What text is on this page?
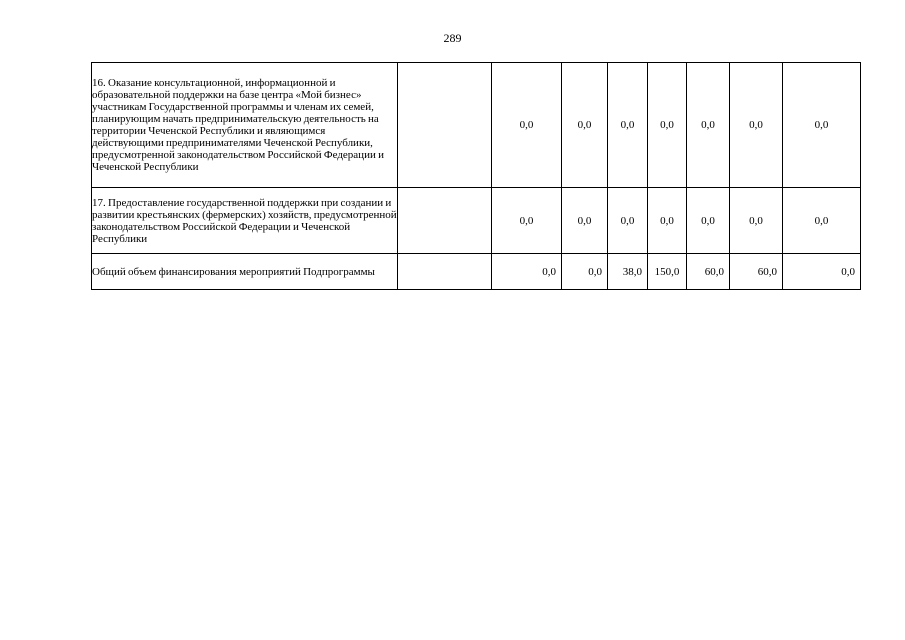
289
16. Оказание консультационной, информационной и образовательной поддержки на базе центра «Мой бизнес» участникам Государственной программы и членам их семей, планирующим начать предпринимательскую деятельность на территории Чеченской Республики и являющимся действующими предпринимателями Чеченской Республики, предусмотренной законодательством Российской Федерации и Чеченской Республики		0,0	0,0	0,0	0,0	0,0	0,0	0,0
17. Предоставление государственной поддержки при создании и развитии крестьянских (фермерских) хозяйств, предусмотренной законодательством Российской Федерации и Чеченской Республики		0,0	0,0	0,0	0,0	0,0	0,0	0,0
Общий объем финансирования мероприятий Подпрограммы		0,0	0,0	38,0	150,0	60,0	60,0	0,0
